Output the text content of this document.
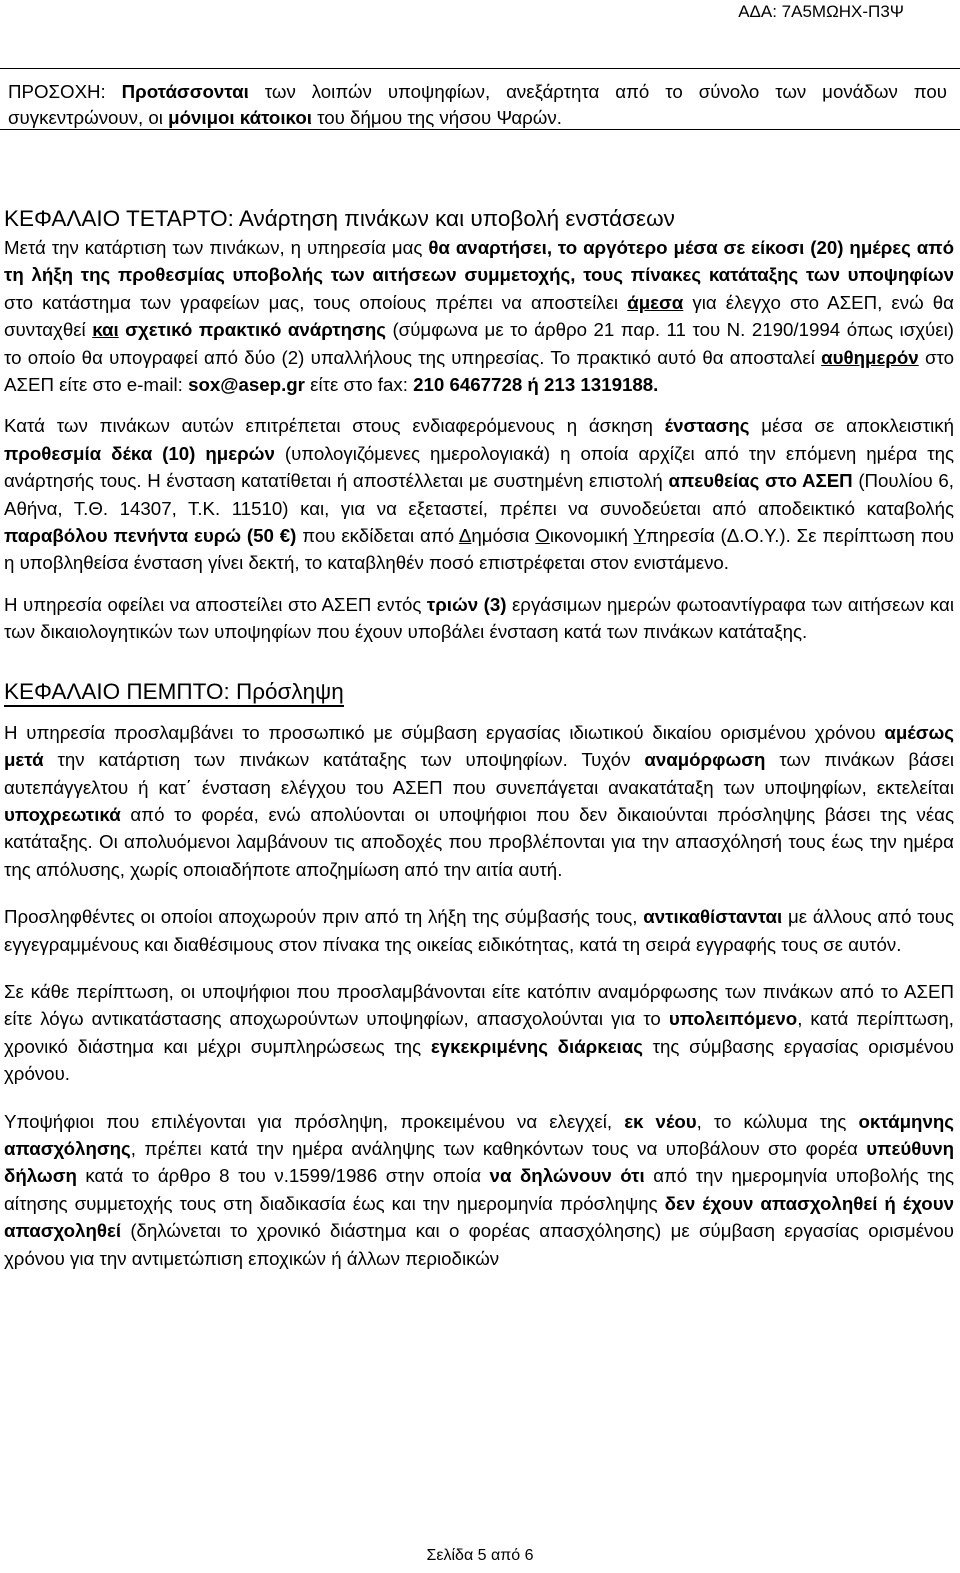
ΑΔΑ: 7Α5ΜΩΗΧ-Π3Ψ

ΠΡΟΣΟΧΗ: Προτάσσονται των λοιπών υποψηφίων, ανεξάρτητα από το σύνολο των μονάδων που συγκεντρώνουν, οι μόνιμοι κάτοικοι του δήμου της νήσου Ψαρών.

ΚΕΦΑΛΑΙΟ ΤΕΤΑΡΤΟ: Ανάρτηση πινάκων και υποβολή ενστάσεων

Μετά την κατάρτιση των πινάκων, η υπηρεσία μας θα αναρτήσει, το αργότερο μέσα σε είκοσι (20) ημέρες από τη λήξη της προθεσμίας υποβολής των αιτήσεων συμμετοχής, τους πίνακες κατάταξης των υποψηφίων στο κατάστημα των γραφείων μας, τους οποίους πρέπει να αποστείλει άμεσα για έλεγχο στο ΑΣΕΠ, ενώ θα συνταχθεί και σχετικό πρακτικό ανάρτησης (σύμφωνα με το άρθρο 21 παρ. 11 του Ν. 2190/1994 όπως ισχύει) το οποίο θα υπογραφεί από δύο (2) υπαλλήλους της υπηρεσίας. Το πρακτικό αυτό θα αποσταλεί αυθημερόν στο ΑΣΕΠ είτε στο e-mail: sox@asep.gr είτε στο fax: 210 6467728 ή 213 1319188.

Κατά των πινάκων αυτών επιτρέπεται στους ενδιαφερόμενους η άσκηση ένστασης μέσα σε αποκλειστική προθεσμία δέκα (10) ημερών (υπολογιζόμενες ημερολογιακά) η οποία αρχίζει από την επόμενη ημέρα της ανάρτησής τους. Η ένσταση κατατίθεται ή αποστέλλεται με συστημένη επιστολή απευθείας στο ΑΣΕΠ (Πουλίου 6, Αθήνα, Τ.Θ. 14307, Τ.Κ. 11510) και, για να εξεταστεί, πρέπει να συνοδεύεται από αποδεικτικό καταβολής παραβόλου πενήντα ευρώ (50 €) που εκδίδεται από Δημόσια Οικονομική Υπηρεσία (Δ.Ο.Υ.). Σε περίπτωση που η υποβληθείσα ένσταση γίνει δεκτή, το καταβληθέν ποσό επιστρέφεται στον ενιστάμενο.

Η υπηρεσία οφείλει να αποστείλει στο ΑΣΕΠ εντός τριών (3) εργάσιμων ημερών φωτοαντίγραφα των αιτήσεων και των δικαιολογητικών των υποψηφίων που έχουν υποβάλει ένσταση κατά των πινάκων κατάταξης.

ΚΕΦΑΛΑΙΟ ΠΕΜΠΤΟ: Πρόσληψη

Η υπηρεσία προσλαμβάνει το προσωπικό με σύμβαση εργασίας ιδιωτικού δικαίου ορισμένου χρόνου αμέσως μετά την κατάρτιση των πινάκων κατάταξης των υποψηφίων. Τυχόν αναμόρφωση των πινάκων βάσει αυτεπάγγελτου ή κατ΄ ένσταση ελέγχου του ΑΣΕΠ που συνεπάγεται ανακατάταξη των υποψηφίων, εκτελείται υποχρεωτικά από το φορέα, ενώ απολύονται οι υποψήφιοι που δεν δικαιούνται πρόσληψης βάσει της νέας κατάταξης. Οι απολυόμενοι λαμβάνουν τις αποδοχές που προβλέπονται για την απασχόλησή τους έως την ημέρα της απόλυσης, χωρίς οποιαδήποτε αποζημίωση από την αιτία αυτή.

Προσληφθέντες οι οποίοι αποχωρούν πριν από τη λήξη της σύμβασής τους, αντικαθίστανται με άλλους από τους εγγεγραμμένους και διαθέσιμους στον πίνακα της οικείας ειδικότητας, κατά τη σειρά εγγραφής τους σε αυτόν.

Σε κάθε περίπτωση, οι υποψήφιοι που προσλαμβάνονται είτε κατόπιν αναμόρφωσης των πινάκων από το ΑΣΕΠ είτε λόγω αντικατάστασης αποχωρούντων υποψηφίων, απασχολούνται για το υπολειπόμενο, κατά περίπτωση, χρονικό διάστημα και μέχρι συμπληρώσεως της εγκεκριμένης διάρκειας της σύμβασης εργασίας ορισμένου χρόνου.

Υποψήφιοι που επιλέγονται για πρόσληψη, προκειμένου να ελεγχεί, εκ νέου, το κώλυμα της οκτάμηνης απασχόλησης, πρέπει κατά την ημέρα ανάληψης των καθηκόντων τους να υποβάλουν στο φορέα υπεύθυνη δήλωση κατά το άρθρο 8 του ν.1599/1986 στην οποία να δηλώνουν ότι από την ημερομηνία υποβολής της αίτησης συμμετοχής τους στη διαδικασία έως και την ημερομηνία πρόσληψης δεν έχουν απασχοληθεί ή έχουν απασχοληθεί (δηλώνεται το χρονικό διάστημα και ο φορέας απασχόλησης) με σύμβαση εργασίας ορισμένου χρόνου για την αντιμετώπιση εποχικών ή άλλων περιοδικών

Σελίδα 5 από 6
